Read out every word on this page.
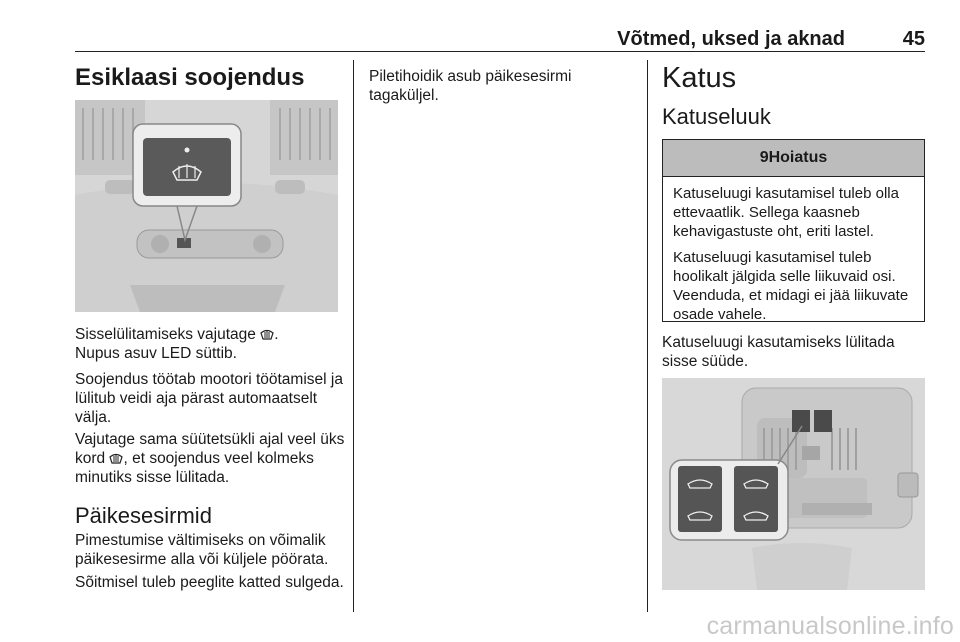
Võtmed, uksed ja aknad	45
Esiklaasi soojendus
Sisselülitamiseks vajutage .
Nupus asuv LED süttib.
Soojendus töötab mootori töötamisel ja lülitub veidi aja pärast automaatselt välja.
Vajutage sama süütetsükli ajal veel üks kord , et soojendus veel kolmeks minutiks sisse lülitada.
Päikesesirmid
Pimestumise vältimiseks on võimalik päikesesirme alla või küljele pöörata.
Sõitmisel tuleb peeglite katted sulgeda.
Piletihoidik asub päikesesirmi tagaküljel.
Katus
Katuseluuk
9Hoiatus

Katuseluugi kasutamisel tuleb olla ettevaatlik. Sellega kaasneb kehavigastuste oht, eriti lastel.

Katuseluugi kasutamisel tuleb hoolikalt jälgida selle liikuvaid osi. Veenduda, et midagi ei jää liikuvate osade vahele.

Katuseluugi kasutamiseks lülitada sisse süüde.
carmanualsonline.info
